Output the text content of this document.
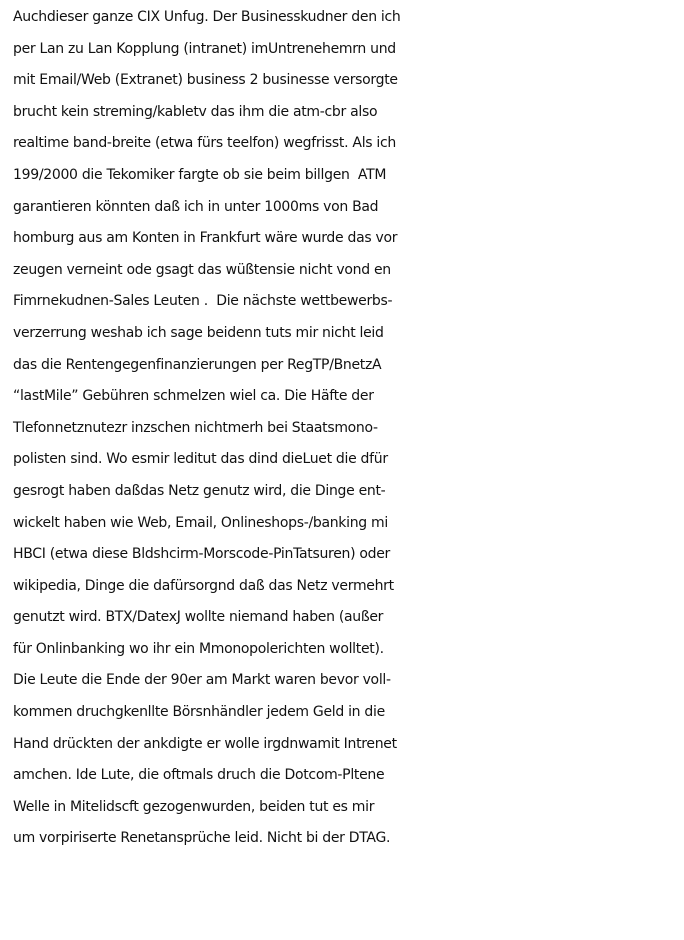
Auchdieser ganze CIX Unfug. Der Businesskudner den ich
per Lan zu Lan Kopplung (intranet) imUntrenehemrn und
mit Email/Web (Extranet) business 2 businesse versorgte
brucht kein streming/kabletv das ihm die atm-cbr also
realtime band-breite (etwa fürs teelfon) wegfrisst. Als ich
199/2000 die Tekomiker fargte ob sie beim billgen  ATM
garantieren könnten daß ich in unter 1000ms von Bad
homburg aus am Konten in Frankfurt wäre wurde das vor
zeugen verneint ode gsagt das wüßtensie nicht vond en
Fimrnekudnen-Sales Leuten .  Die nächste wettbewerbs-
verzerrung weshab ich sage beidenn tuts mir nicht leid
das die Rentengegenfinanzierungen per RegTP/BnetzA
“lastMile” Gebühren schmelzen wiel ca. Die Häfte der
Tlefonnetznutezr inzschen nichtmerh bei Staatsmono-
polisten sind. Wo esmir leditut das dind dieLuet die dfür
gesrogt haben daßdas Netz genutz wird, die Dinge ent-
wickelt haben wie Web, Email, Onlineshops-/banking mi
HBCI (etwa diese Bldshcirm-Morscode-PinTatsuren) oder
wikipedia, Dinge die dafürsorgnd daß das Netz vermehrt
genutzt wird. BTX/DatexJ wollte niemand haben (außer
für Onlinbanking wo ihr ein Mmonopolerichten wolltet).
Die Leute die Ende der 90er am Markt waren bevor voll-
kommen druchgkenllte Börsnhändler jedem Geld in die
Hand drückten der ankdigte er wolle irgdnwamit Intrenet
amchen. Ide Lute, die oftmals druch die Dotcom-Pltene
Welle in Mitelidscft gezogenwurden, beiden tut es mir
um vorpiriserte Renetansprüche leid. Nicht bi der DTAG.
